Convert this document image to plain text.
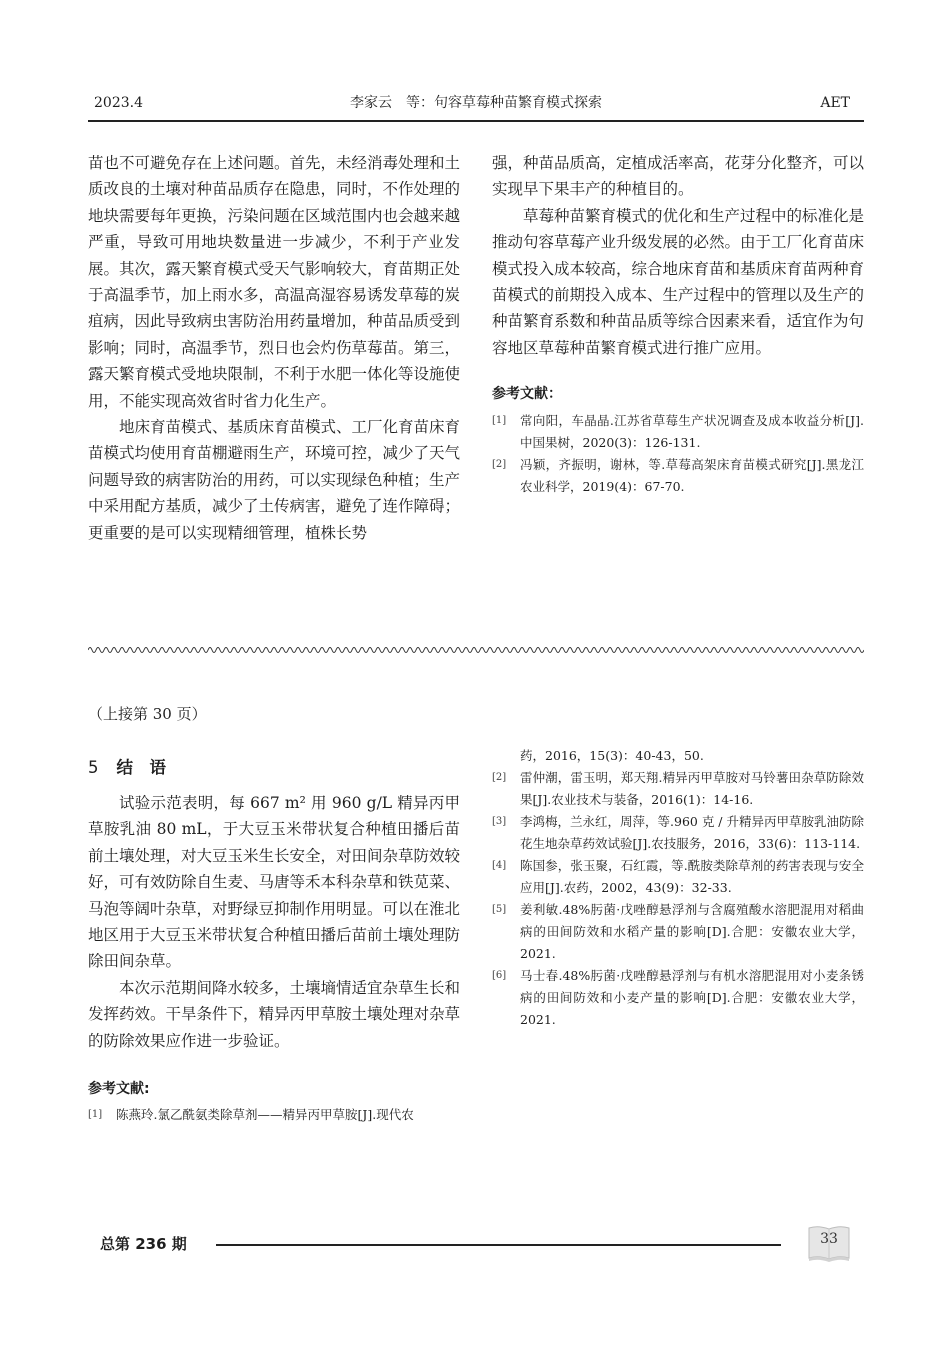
2023.4	李家云　等：句容草莓种苗繁育模式探索	AET

苗也不可避免存在上述问题。首先，未经消毒处理和土质改良的土壤对种苗品质存在隐患，同时，不作处理的地块需要每年更换，污染问题在区域范围内也会越来越严重，导致可用地块数量进一步减少，不利于产业发展。其次，露天繁育模式受天气影响较大，育苗期正处于高温季节，加上雨水多，高温高湿容易诱发草莓的炭疽病，因此导致病虫害防治用药量增加，种苗品质受到影响；同时，高温季节，烈日也会灼伤草莓苗。第三，露天繁育模式受地块限制，不利于水肥一体化等设施使用，不能实现高效省时省力化生产。

地床育苗模式、基质床育苗模式、工厂化育苗床育苗模式均使用育苗棚避雨生产，环境可控，减少了天气问题导致的病害防治的用药，可以实现绿色种植；生产中采用配方基质，减少了土传病害，避免了连作障碍；更重要的是可以实现精细管理，植株长势

强，种苗品质高，定植成活率高，花芽分化整齐，可以实现早下果丰产的种植目的。

草莓种苗繁育模式的优化和生产过程中的标准化是推动句容草莓产业升级发展的必然。由于工厂化育苗床模式投入成本较高，综合地床育苗和基质床育苗两种育苗模式的前期投入成本、生产过程中的管理以及生产的种苗繁育系数和种苗品质等综合因素来看，适宜作为句容地区草莓种苗繁育模式进行推广应用。

参考文献：

[1]	常向阳，车晶晶.江苏省草莓生产状况调查及成本收益分析[J].中国果树，2020(3)：126-131.
[2]	冯颖，齐振明，谢林，等.草莓高架床育苗模式研究[J].黑龙江农业科学，2019(4)：67-70.
（上接第 30 页）
5 结　语

试验示范表明，每 667 m² 用 960 g/L 精异丙甲草胺乳油 80 mL，于大豆玉米带状复合种植田播后苗前土壤处理，对大豆玉米生长安全，对田间杂草防效较好，可有效防除自生麦、马唐等禾本科杂草和铁苋菜、马泡等阔叶杂草，对野绿豆抑制作用明显。可以在淮北地区用于大豆玉米带状复合种植田播后苗前土壤处理防除田间杂草。

本次示范期间降水较多，土壤墒情适宜杂草生长和发挥药效。干旱条件下，精异丙甲草胺土壤处理对杂草的防除效果应作进一步验证。

参考文献:

[1]	陈燕玲.氯乙酰氨类除草剂——精异丙甲草胺[J].现代农
药，2016，15(3)：40-43，50.
[2]	雷仲潮，雷玉明，郑天翔.精异丙甲草胺对马铃薯田杂草防除效果[J].农业技术与装备，2016(1)：14-16.
[3]	李鸿梅，兰永红，周萍，等.960 克 / 升精异丙甲草胺乳油防除花生地杂草药效试验[J].农技服务，2016，33(6)：113-114.
[4]	陈国参，张玉聚，石红霞，等.酰胺类除草剂的药害表现与安全应用[J].农药，2002，43(9)：32-33.
[5]	姜利敏.48%肟菌·戊唑醇悬浮剂与含腐殖酸水溶肥混用对稻曲病的田间防效和水稻产量的影响[D].合肥：安徽农业大学，2021.
[6]	马士春.48%肟菌·戊唑醇悬浮剂与有机水溶肥混用对小麦条锈病的田间防效和小麦产量的影响[D].合肥：安徽农业大学，2021.
总第 236 期	33
